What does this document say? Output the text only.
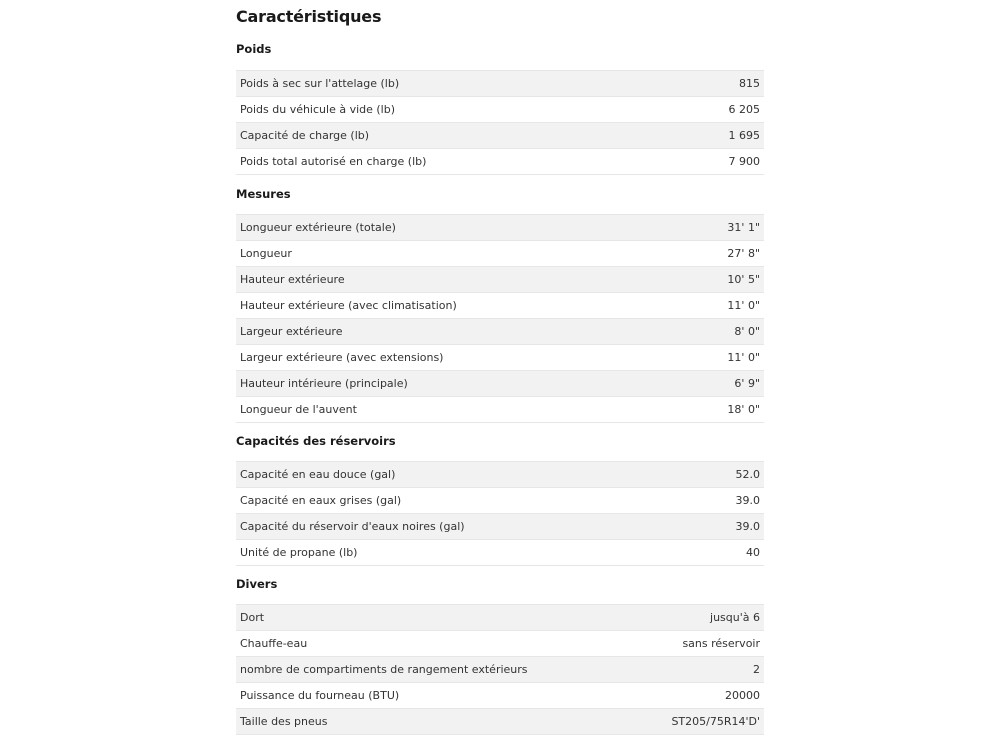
Caractéristiques
Poids
Poids à sec sur l'attelage (lb)	815
Poids du véhicule à vide (lb)	6 205
Capacité de charge (lb)	1 695
Poids total autorisé en charge (lb)	7 900
Mesures
Longueur extérieure (totale)	31' 1"
Longueur	27' 8"
Hauteur extérieure	10' 5"
Hauteur extérieure (avec climatisation)	11' 0"
Largeur extérieure	8' 0"
Largeur extérieure (avec extensions)	11' 0"
Hauteur intérieure (principale)	6' 9"
Longueur de l'auvent	18' 0"
Capacités des réservoirs
Capacité en eau douce (gal)	52.0
Capacité en eaux grises (gal)	39.0
Capacité du réservoir d'eaux noires (gal)	39.0
Unité de propane (lb)	40
Divers
Dort	jusqu'à 6
Chauffe-eau	sans réservoir
nombre de compartiments de rangement extérieurs	2
Puissance du fourneau (BTU)	20000
Taille des pneus	ST205/75R14'D'
